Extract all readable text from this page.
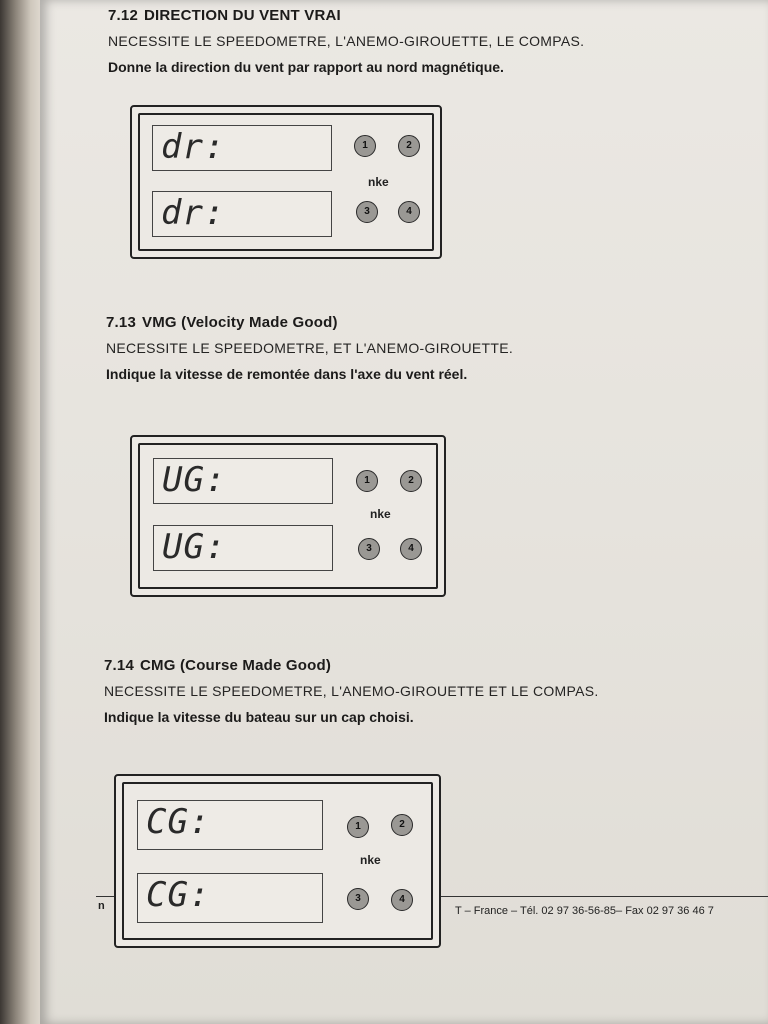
7.12 DIRECTION DU VENT VRAI
NECESSITE LE SPEEDOMETRE, L'ANEMO-GIROUETTE, LE COMPAS.
Donne la direction du vent par rapport au nord magnétique.
dr:
dr:
1	2
nke
3	4
7.13 VMG (Velocity Made Good)
NECESSITE LE SPEEDOMETRE, ET L'ANEMO-GIROUETTE.
Indique la vitesse de remontée dans l'axe du vent réel.
UG:
UG:
1	2
nke
3	4
7.14 CMG (Course Made Good)
NECESSITE LE SPEEDOMETRE, L'ANEMO-GIROUETTE ET LE COMPAS.
Indique la vitesse du bateau sur un cap choisi.
n	T – France – Tél. 02 97 36-56-85– Fax 02 97 36 46 7
CG:
CG:
1	2
nke
3	4
